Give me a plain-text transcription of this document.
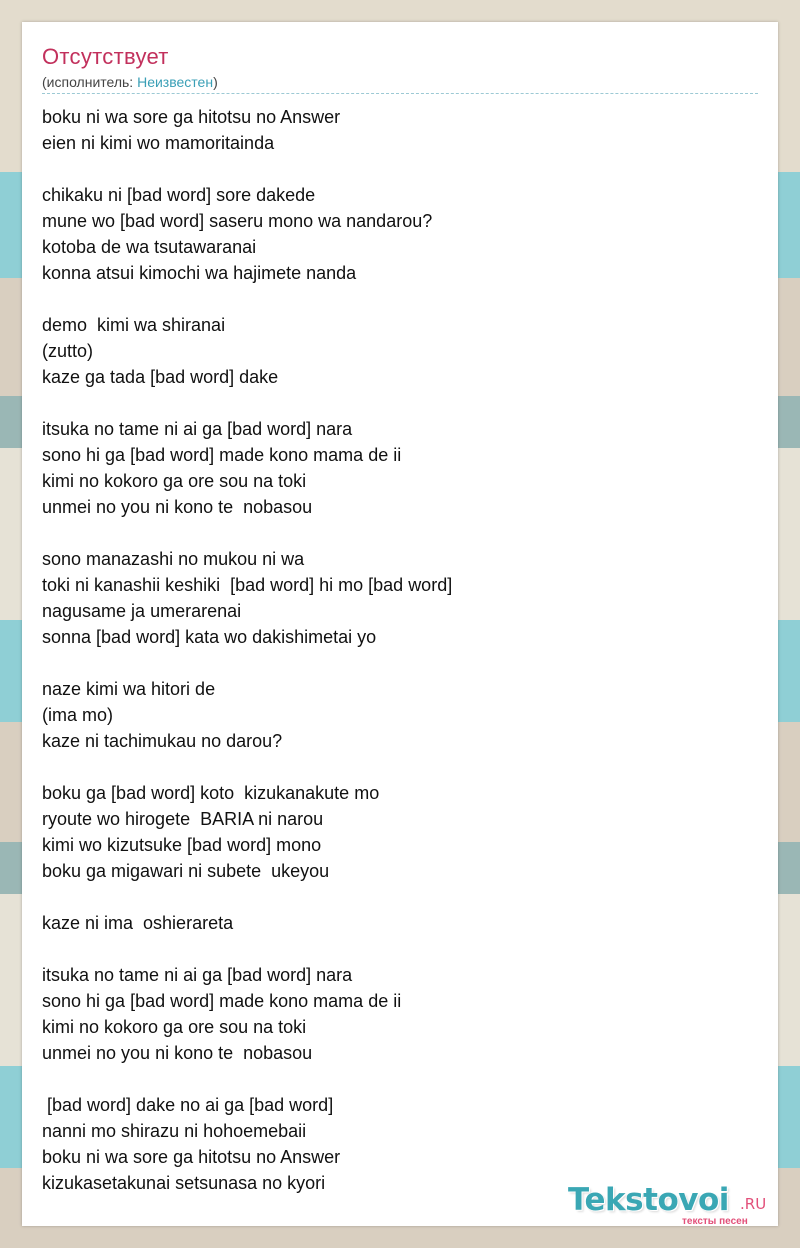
Отсутствует
(исполнитель: Неизвестен)
boku ni wa sore ga hitotsu no Answer
eien ni kimi wo mamoritainda
chikaku ni [bad word] sore dakede
mune wo [bad word] saseru mono wa nandarou?
kotoba de wa tsutawaranai
konna atsui kimochi wa hajimete nanda
demo  kimi wa shiranai
(zutto)
kaze ga tada [bad word] dake
itsuka no tame ni ai ga [bad word] nara
sono hi ga [bad word] made kono mama de ii
kimi no kokoro ga ore sou na toki
unmei no you ni kono te  nobasou
sono manazashi no mukou ni wa
toki ni kanashii keshiki  [bad word] hi mo [bad word]
nagusame ja umerarenai
sonna [bad word] kata wo dakishimetai yo
naze kimi wa hitori de
(ima mo)
kaze ni tachimukau no darou?
boku ga [bad word] koto  kizukanakute mo
ryoute wo hirogete  BARIA ni narou
kimi wo kizutsuke [bad word] mono
boku ga migawari ni subete  ukeyou
kaze ni ima  oshierareta
itsuka no tame ni ai ga [bad word] nara
sono hi ga [bad word] made kono mama de ii
kimi no kokoro ga ore sou na toki
unmei no you ni kono te  nobasou
[bad word] dake no ai ga [bad word]
nanni mo shirazu ni hohoemebaii
boku ni wa sore ga hitotsu no Answer
kizukasetakunai setsunasa no kyori	Tekstovoi .RU
тексты песен
